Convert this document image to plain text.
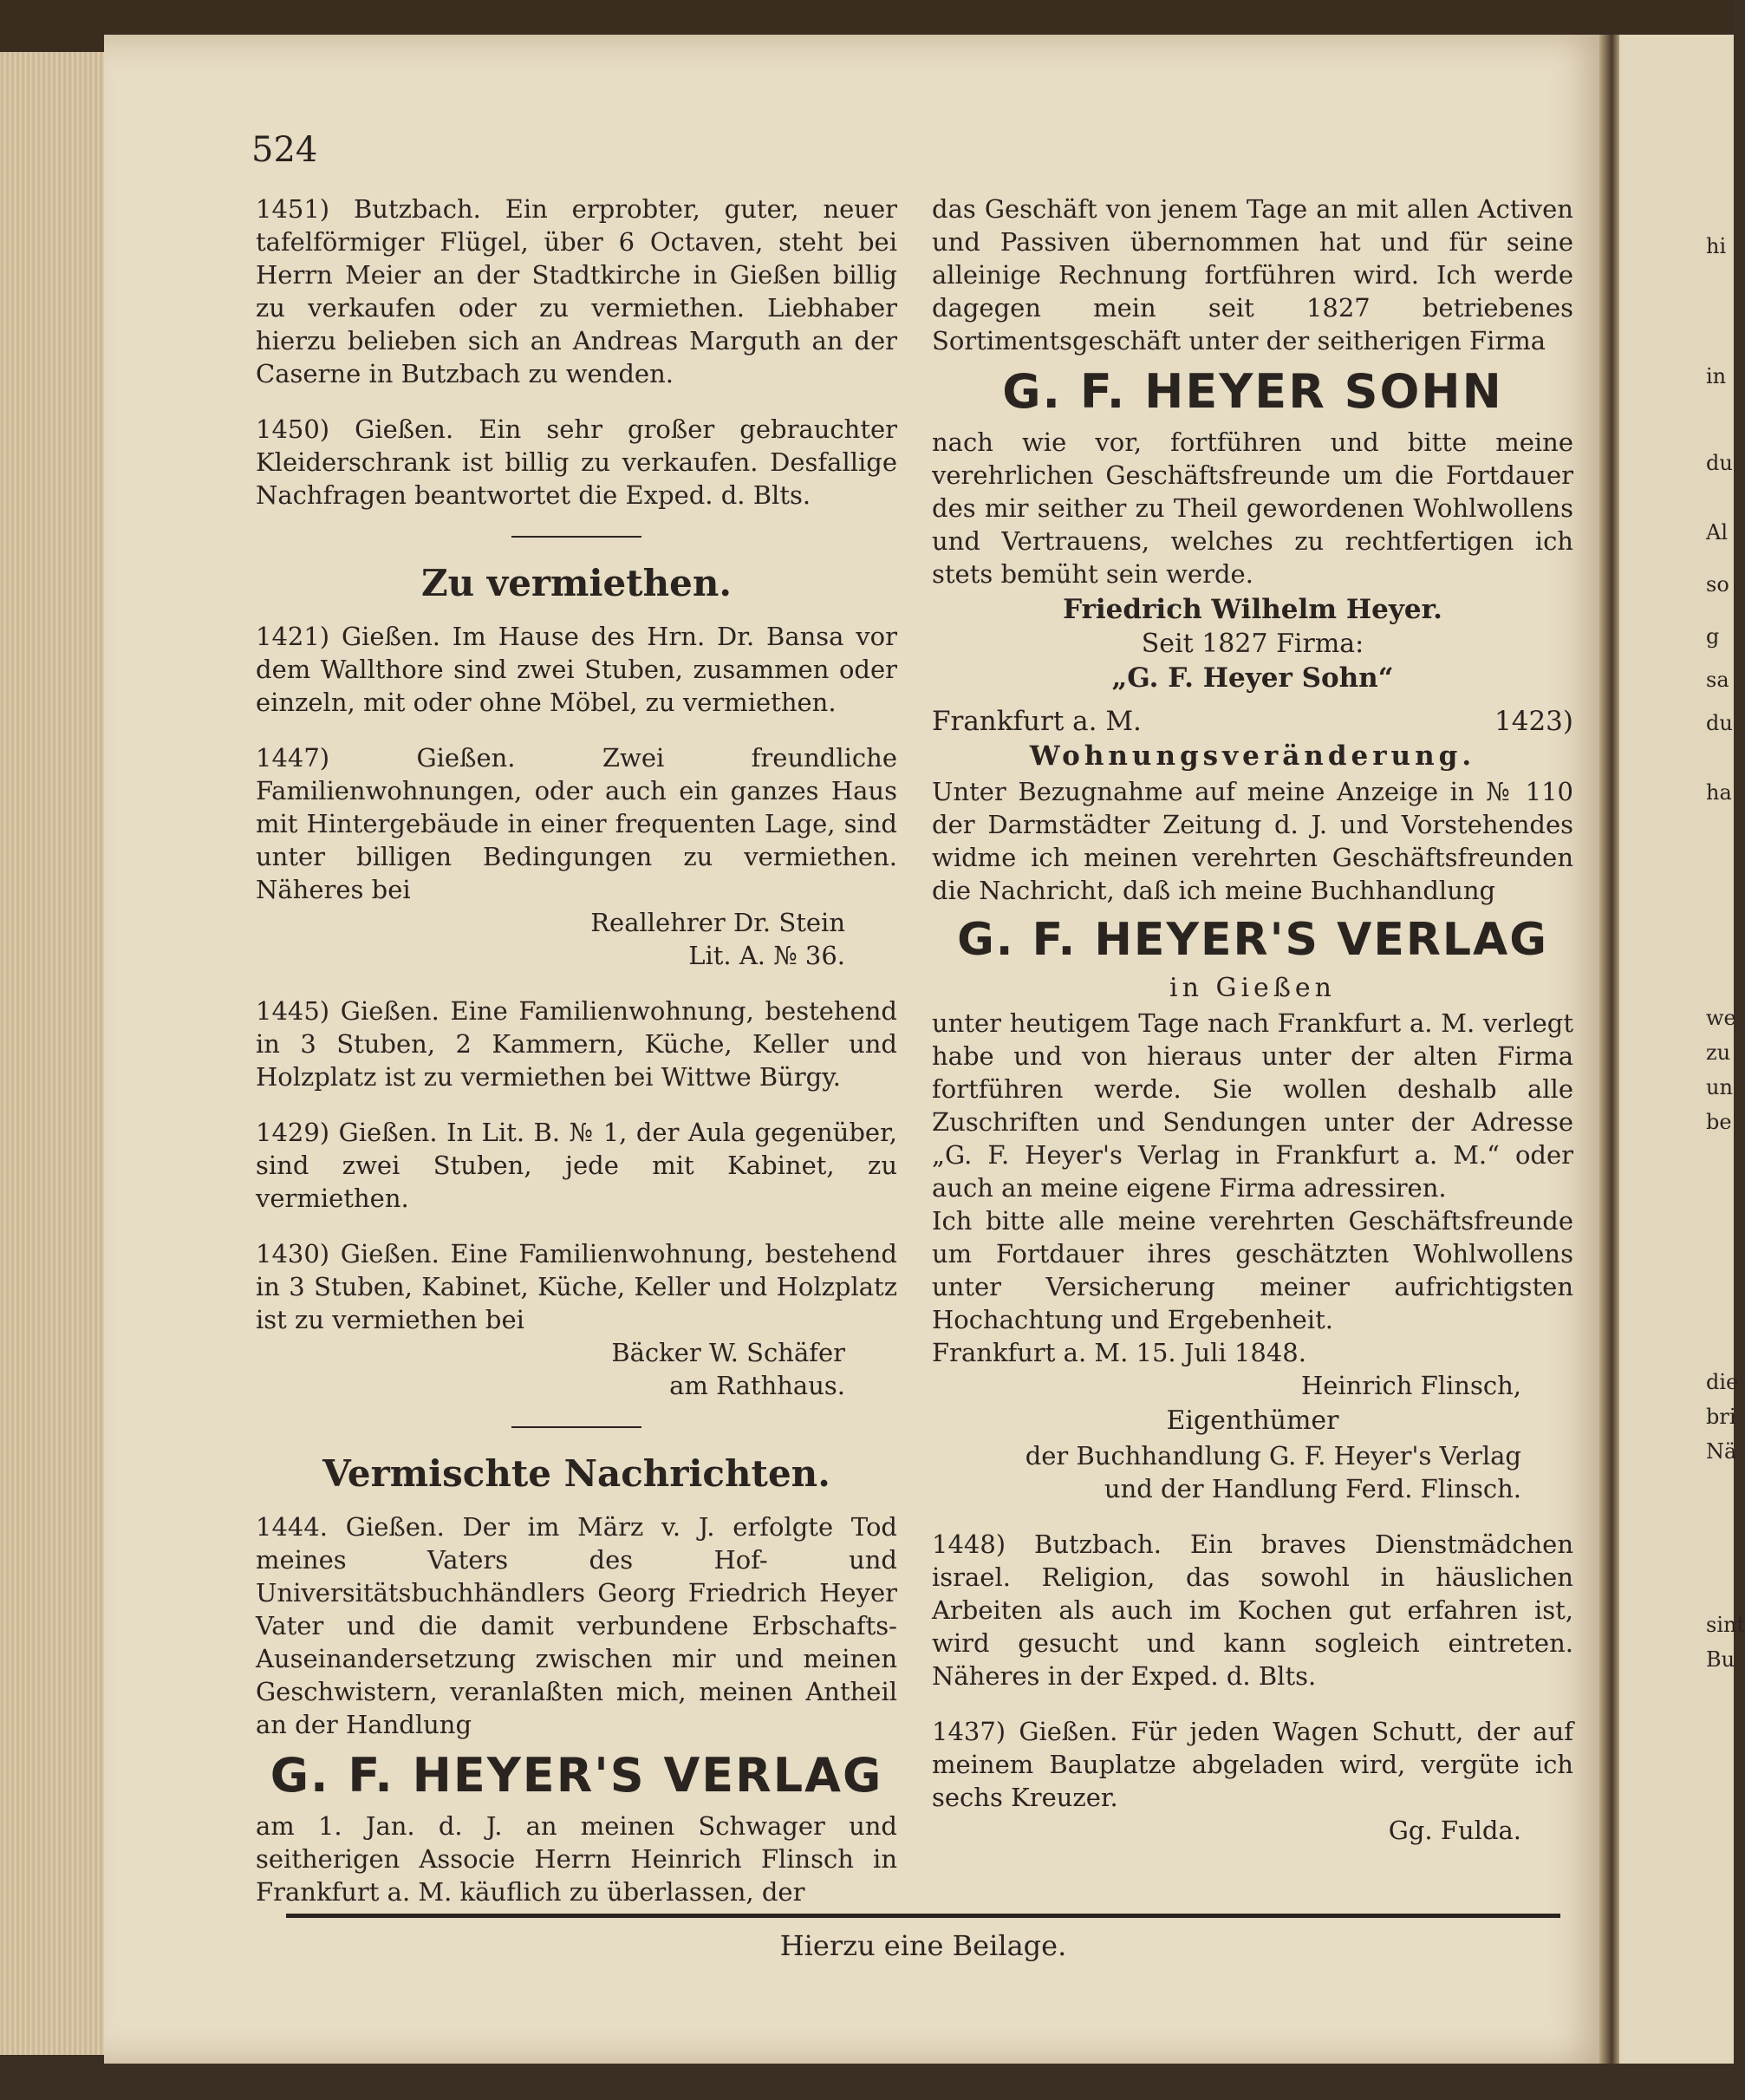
524

1451) Butzbach. Ein erprobter, guter, neuer tafelförmiger Flügel, über 6 Octaven, steht bei Herrn Meier an der Stadtkirche in Gießen billig zu verkaufen oder zu vermiethen. Liebhaber hierzu belieben sich an Andreas Marguth an der Caserne in Butzbach zu wenden.

1450) Gießen. Ein sehr großer gebrauchter Kleiderschrank ist billig zu verkaufen. Desfallige Nachfragen beantwortet die Exped. d. Blts.

Zu vermiethen.

1421) Gießen. Im Hause des Hrn. Dr. Bansa vor dem Wallthore sind zwei Stuben, zusammen oder einzeln, mit oder ohne Möbel, zu vermiethen.

1447) Gießen. Zwei freundliche Familienwohnungen, oder auch ein ganzes Haus mit Hintergebäude in einer frequenten Lage, sind unter billigen Bedingungen zu vermiethen. Näheres bei

Reallehrer Dr. Stein

Lit. A. № 36.

1445) Gießen. Eine Familienwohnung, bestehend in 3 Stuben, 2 Kammern, Küche, Keller und Holzplatz ist zu vermiethen bei Wittwe Bürgy.

1429) Gießen. In Lit. B. № 1, der Aula gegenüber, sind zwei Stuben, jede mit Kabinet, zu vermiethen.

1430) Gießen. Eine Familienwohnung, bestehend in 3 Stuben, Kabinet, Küche, Keller und Holzplatz ist zu vermiethen bei

Bäcker W. Schäfer

am Rathhaus.

Vermischte Nachrichten.

1444. Gießen. Der im März v. J. erfolgte Tod meines Vaters des Hof- und Universitätsbuchhändlers Georg Friedrich Heyer Vater und die damit verbundene Erbschafts-Auseinandersetzung zwischen mir und meinen Geschwistern, veranlaßten mich, meinen Antheil an der Handlung

G. F. HEYER'S VERLAG

am 1. Jan. d. J. an meinen Schwager und seitherigen Associe Herrn Heinrich Flinsch in Frankfurt a. M. käuflich zu überlassen, der

das Geschäft von jenem Tage an mit allen Activen und Passiven übernommen hat und für seine alleinige Rechnung fortführen wird. Ich werde dagegen mein seit 1827 betriebenes Sortimentsgeschäft unter der seitherigen Firma

G. F. HEYER SOHN

nach wie vor, fortführen und bitte meine verehrlichen Geschäftsfreunde um die Fortdauer des mir seither zu Theil gewordenen Wohlwollens und Vertrauens, welches zu rechtfertigen ich stets bemüht sein werde.

Friedrich Wilhelm Heyer.
Seit 1827 Firma:
„G. F. Heyer Sohn“
Frankfurt a. M.	1423)
Wohnungsveränderung.

Unter Bezugnahme auf meine Anzeige in № 110 der Darmstädter Zeitung d. J. und Vorstehendes widme ich meinen verehrten Geschäftsfreunden die Nachricht, daß ich meine Buchhandlung

G. F. HEYER'S VERLAG
in Gießen

unter heutigem Tage nach Frankfurt a. M. verlegt habe und von hieraus unter der alten Firma fortführen werde. Sie wollen deshalb alle Zuschriften und Sendungen unter der Adresse „G. F. Heyer's Verlag in Frankfurt a. M.“ oder auch an meine eigene Firma adressiren.

Ich bitte alle meine verehrten Geschäftsfreunde um Fortdauer ihres geschätzten Wohlwollens unter Versicherung meiner aufrichtigsten Hochachtung und Ergebenheit.

Frankfurt a. M. 15. Juli 1848.

Heinrich Flinsch,

Eigenthümer

der Buchhandlung G. F. Heyer's Verlag

und der Handlung Ferd. Flinsch.

1448) Butzbach. Ein braves Dienstmädchen israel. Religion, das sowohl in häuslichen Arbeiten als auch im Kochen gut erfahren ist, wird gesucht und kann sogleich eintreten. Näheres in der Exped. d. Blts.

1437) Gießen. Für jeden Wagen Schutt, der auf meinem Bauplatze abgeladen wird, vergüte ich sechs Kreuzer.

Gg. Fulda.

Hierzu eine Beilage.
hi
in
du
Al
so
g
sa
du
ha
we
zu
un
be
die
bri
Nä
sint
Bu
